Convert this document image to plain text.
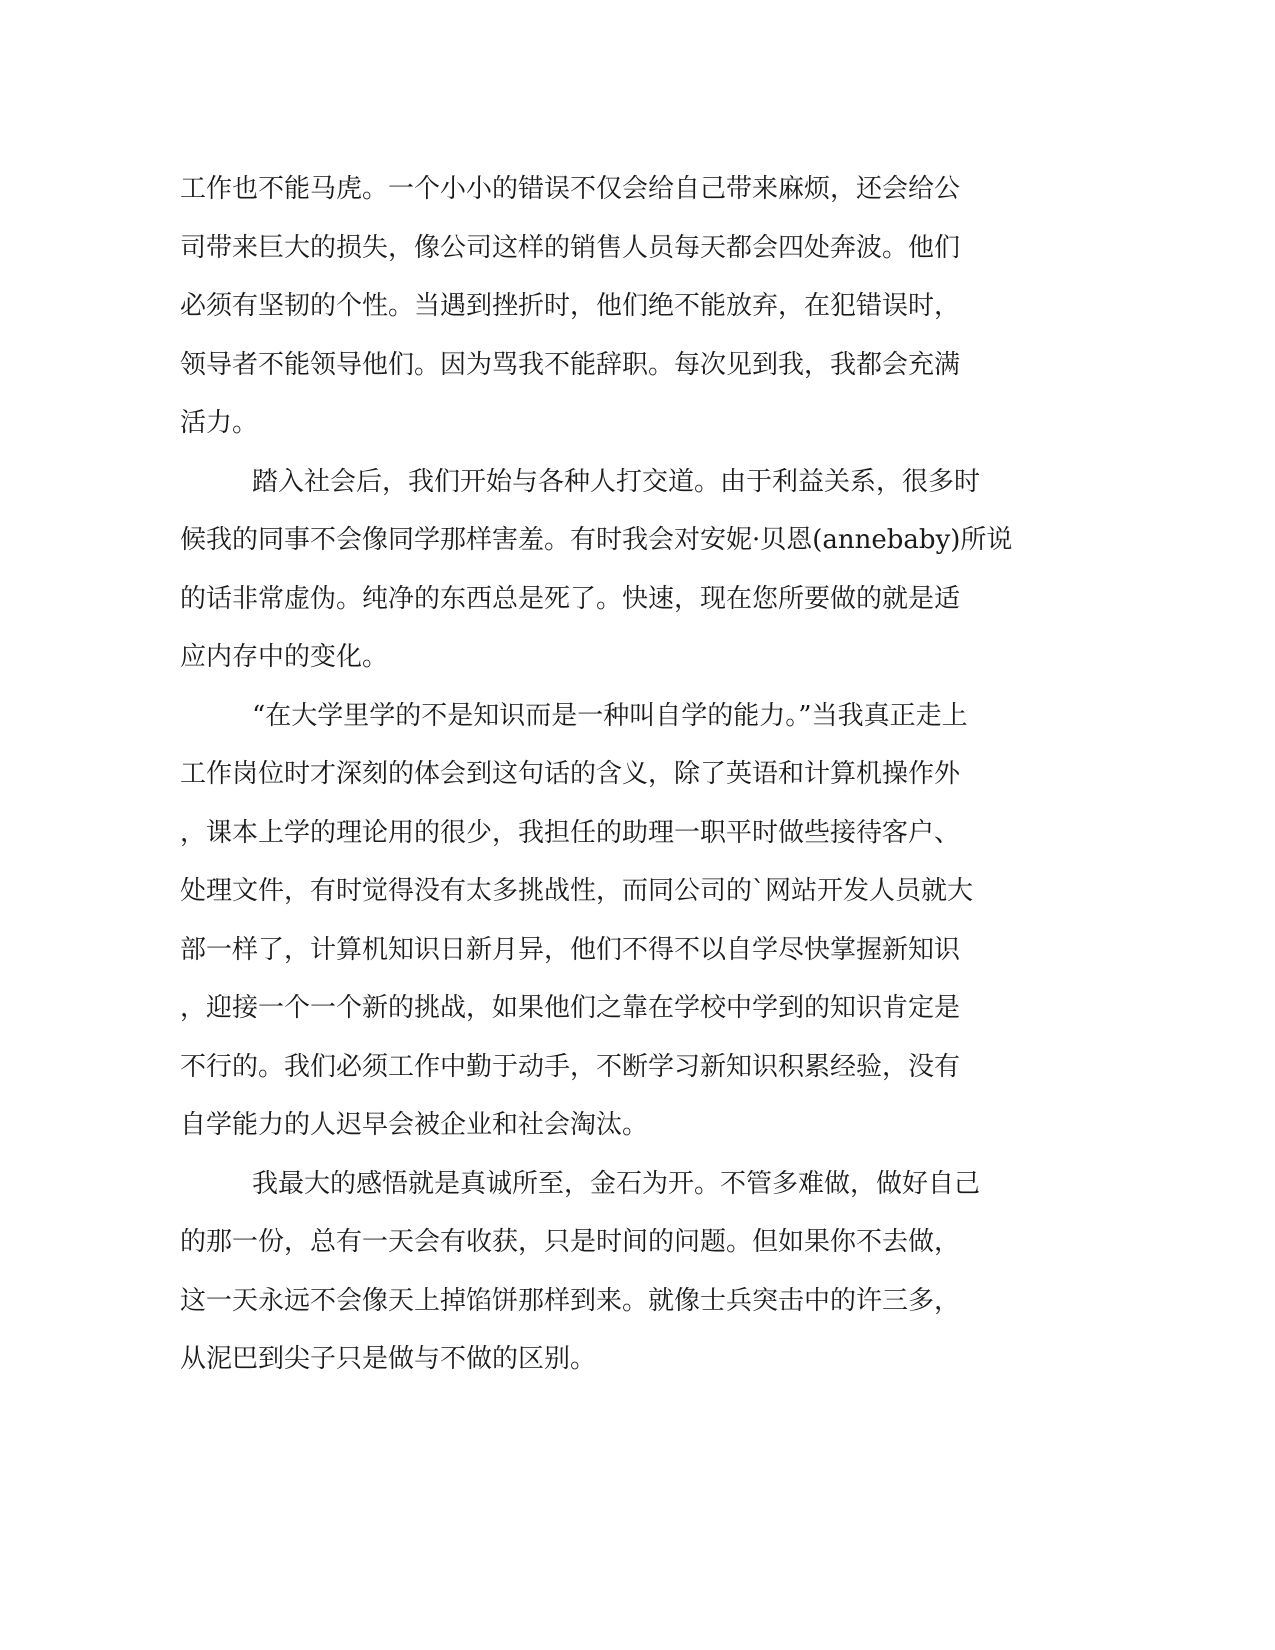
工作也不能马虎。一个小小的错误不仅会给自己带来麻烦，还会给公
司带来巨大的损失，像公司这样的销售人员每天都会四处奔波。他们
必须有坚韧的个性。当遇到挫折时，他们绝不能放弃，在犯错误时，
领导者不能领导他们。因为骂我不能辞职。每次见到我，我都会充满
活力。
踏入社会后，我们开始与各种人打交道。由于利益关系，很多时
候我的同事不会像同学那样害羞。有时我会对安妮·贝恩(annebaby)所说
的话非常虚伪。纯净的东西总是死了。快速，现在您所要做的就是适
应内存中的变化。
“在大学里学的不是知识而是一种叫自学的能力。”当我真正走上
工作岗位时才深刻的体会到这句话的含义，除了英语和计算机操作外
，课本上学的理论用的很少，我担任的助理一职平时做些接待客户、
处理文件，有时觉得没有太多挑战性，而同公司的`网站开发人员就大
部一样了，计算机知识日新月异，他们不得不以自学尽快掌握新知识
，迎接一个一个新的挑战，如果他们之靠在学校中学到的知识肯定是
不行的。我们必须工作中勤于动手，不断学习新知识积累经验，没有
自学能力的人迟早会被企业和社会淘汰。
我最大的感悟就是真诚所至，金石为开。不管多难做，做好自己
的那一份，总有一天会有收获，只是时间的问题。但如果你不去做，
这一天永远不会像天上掉馅饼那样到来。就像士兵突击中的许三多，
从泥巴到尖子只是做与不做的区别。
